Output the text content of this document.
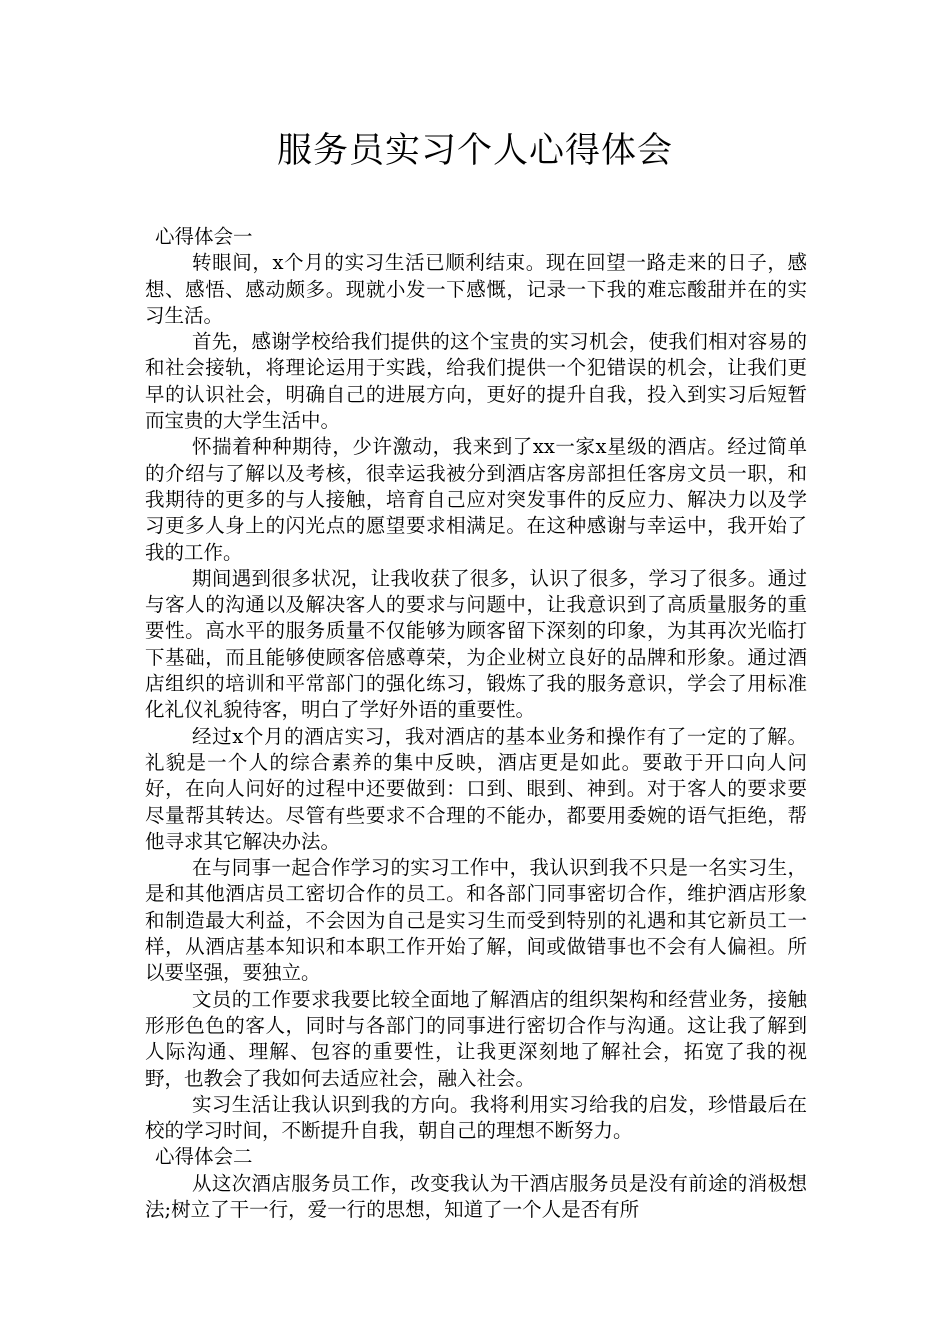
服务员实习个人心得体会
心得体会一

转眼间，x个月的实习生活已顺利结束。现在回望一路走来的日子，感想、感悟、感动颇多。现就小发一下感慨，记录一下我的难忘酸甜并在的实习生活。

首先，感谢学校给我们提供的这个宝贵的实习机会，使我们相对容易的和社会接轨，将理论运用于实践，给我们提供一个犯错误的机会，让我们更早的认识社会，明确自己的进展方向，更好的提升自我，投入到实习后短暂而宝贵的大学生活中。

怀揣着种种期待，少许激动，我来到了xx一家x星级的酒店。经过简单的介绍与了解以及考核，很幸运我被分到酒店客房部担任客房文员一职，和我期待的更多的与人接触，培育自己应对突发事件的反应力、解决力以及学习更多人身上的闪光点的愿望要求相满足。在这种感谢与幸运中，我开始了我的工作。

期间遇到很多状况，让我收获了很多，认识了很多，学习了很多。通过与客人的沟通以及解决客人的要求与问题中，让我意识到了高质量服务的重要性。高水平的服务质量不仅能够为顾客留下深刻的印象，为其再次光临打下基础，而且能够使顾客倍感尊荣，为企业树立良好的品牌和形象。通过酒店组织的培训和平常部门的强化练习，锻炼了我的服务意识，学会了用标准化礼仪礼貌待客，明白了学好外语的重要性。

经过x个月的酒店实习，我对酒店的基本业务和操作有了一定的了解。礼貌是一个人的综合素养的集中反映，酒店更是如此。要敢于开口向人问好，在向人问好的过程中还要做到：口到、眼到、神到。对于客人的要求要尽量帮其转达。尽管有些要求不合理的不能办，都要用委婉的语气拒绝，帮他寻求其它解决办法。

在与同事一起合作学习的实习工作中，我认识到我不只是一名实习生，是和其他酒店员工密切合作的员工。和各部门同事密切合作，维护酒店形象和制造最大利益，不会因为自己是实习生而受到特别的礼遇和其它新员工一样，从酒店基本知识和本职工作开始了解，间或做错事也不会有人偏袒。所以要坚强，要独立。

文员的工作要求我要比较全面地了解酒店的组织架构和经营业务，接触形形色色的客人，同时与各部门的同事进行密切合作与沟通。这让我了解到人际沟通、理解、包容的重要性，让我更深刻地了解社会，拓宽了我的视野，也教会了我如何去适应社会，融入社会。

实习生活让我认识到我的方向。我将利用实习给我的启发，珍惜最后在校的学习时间，不断提升自我，朝自己的理想不断努力。

心得体会二

从这次酒店服务员工作，改变我认为干酒店服务员是没有前途的消极想法;树立了干一行，爱一行的思想，知道了一个人是否有所
